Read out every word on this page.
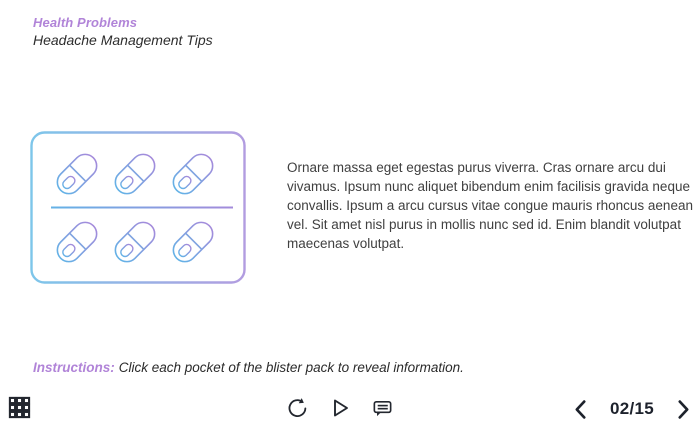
Health Problems
Headache Management Tips

Ornare massa eget egestas purus viverra. Cras ornare arcu dui vivamus. Ipsum nunc aliquet bibendum enim facilisis gravida neque convallis. Ipsum a arcu cursus vitae congue mauris rhoncus aenean vel. Sit amet nisl purus in mollis nunc sed id. Enim blandit volutpat maecenas volutpat.

Instructions: Click each pocket of the blister pack to reveal information.

02/15
